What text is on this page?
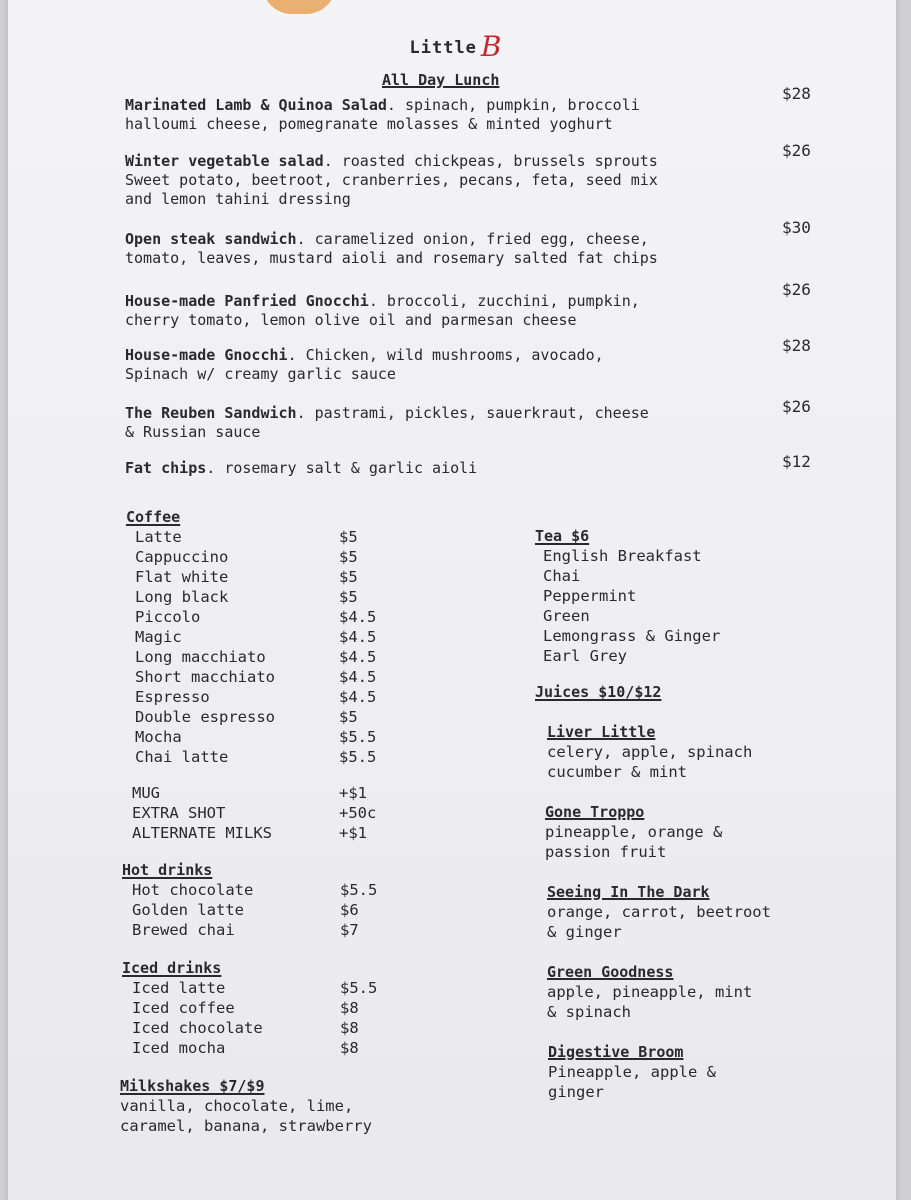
Little B
All Day Lunch
Marinated Lamb & Quinoa Salad. spinach, pumpkin, broccoli
halloumi cheese, pomegranate molasses & minted yoghurt
$28
Winter vegetable salad. roasted chickpeas, brussels sprouts
Sweet potato, beetroot, cranberries, pecans, feta, seed mix
and lemon tahini dressing
$26
Open steak sandwich. caramelized onion, fried egg, cheese,
tomato, leaves, mustard aioli and rosemary salted fat chips
$30
House-made Panfried Gnocchi. broccoli, zucchini, pumpkin,
cherry tomato, lemon olive oil and parmesan cheese
$26
House-made Gnocchi. Chicken, wild mushrooms, avocado,
Spinach w/ creamy garlic sauce
$28
The Reuben Sandwich. pastrami, pickles, sauerkraut, cheese
& Russian sauce
$26
Fat chips. rosemary salt & garlic aioli	$12
Coffee
Latte	$5
Cappuccino	$5
Flat white	$5
Long black	$5
Piccolo	$4.5
Magic	$4.5
Long macchiato	$4.5
Short macchiato	$4.5
Espresso	$4.5
Double espresso	$5
Mocha	$5.5
Chai latte	$5.5
MUG	+$1
EXTRA SHOT	+50c
ALTERNATE MILKS	+$1
Hot drinks
Hot chocolate	$5.5
Golden latte	$6
Brewed chai	$7
Iced drinks
Iced latte	$5.5
Iced coffee	$8
Iced chocolate	$8
Iced mocha	$8
Milkshakes $7/$9
vanilla, chocolate, lime,
caramel, banana, strawberry
Tea $6
English Breakfast
Chai
Peppermint
Green
Lemongrass & Ginger
Earl Grey
Juices $10/$12
Liver Little
celery, apple, spinach
cucumber & mint
Gone Troppo
pineapple, orange &
passion fruit
Seeing In The Dark
orange, carrot, beetroot
& ginger
Green Goodness
apple, pineapple, mint
& spinach
Digestive Broom
Pineapple, apple &
ginger
